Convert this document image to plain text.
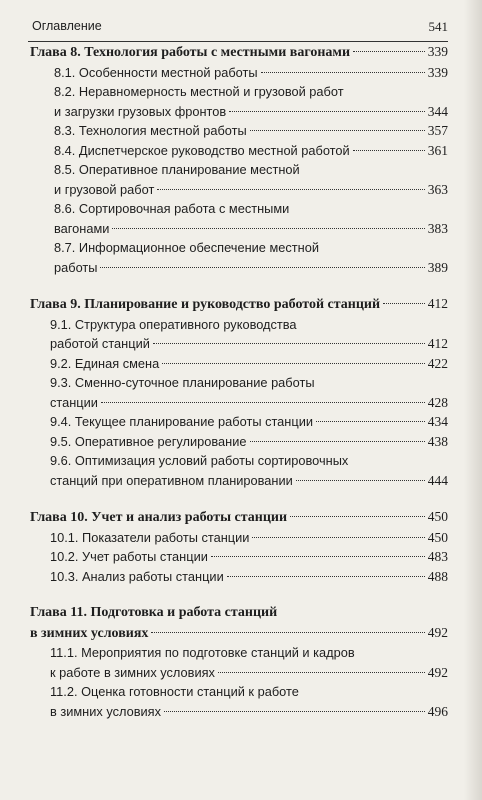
Оглавление	541
Глава 8. Технология работы с местными вагонами	339
8.1. Особенности местной работы	339
8.2. Неравномерность местной и грузовой работ
и загрузки грузовых фронтов	344
8.3. Технология местной работы	357
8.4. Диспетчерское руководство местной работой	361
8.5. Оперативное планирование местной
и грузовой работ	363
8.6. Сортировочная работа с местными
вагонами	383
8.7. Информационное обеспечение местной
работы	389
Глава 9. Планирование и руководство работой станций	412
9.1. Структура оперативного руководства
работой станций	412
9.2. Единая смена	422
9.3. Сменно-суточное планирование работы
станции	428
9.4. Текущее планирование работы станции	434
9.5. Оперативное регулирование	438
9.6. Оптимизация условий работы сортировочных
станций при оперативном планировании	444
Глава 10. Учет и анализ работы станции	450
10.1. Показатели работы станции	450
10.2. Учет работы станции	483
10.3. Анализ работы станции	488
Глава 11. Подготовка и работа станций
в зимних условиях	492
11.1. Мероприятия по подготовке станций и кадров
к работе в зимних условиях	492
11.2. Оценка готовности станций к работе
в зимних условиях	496
